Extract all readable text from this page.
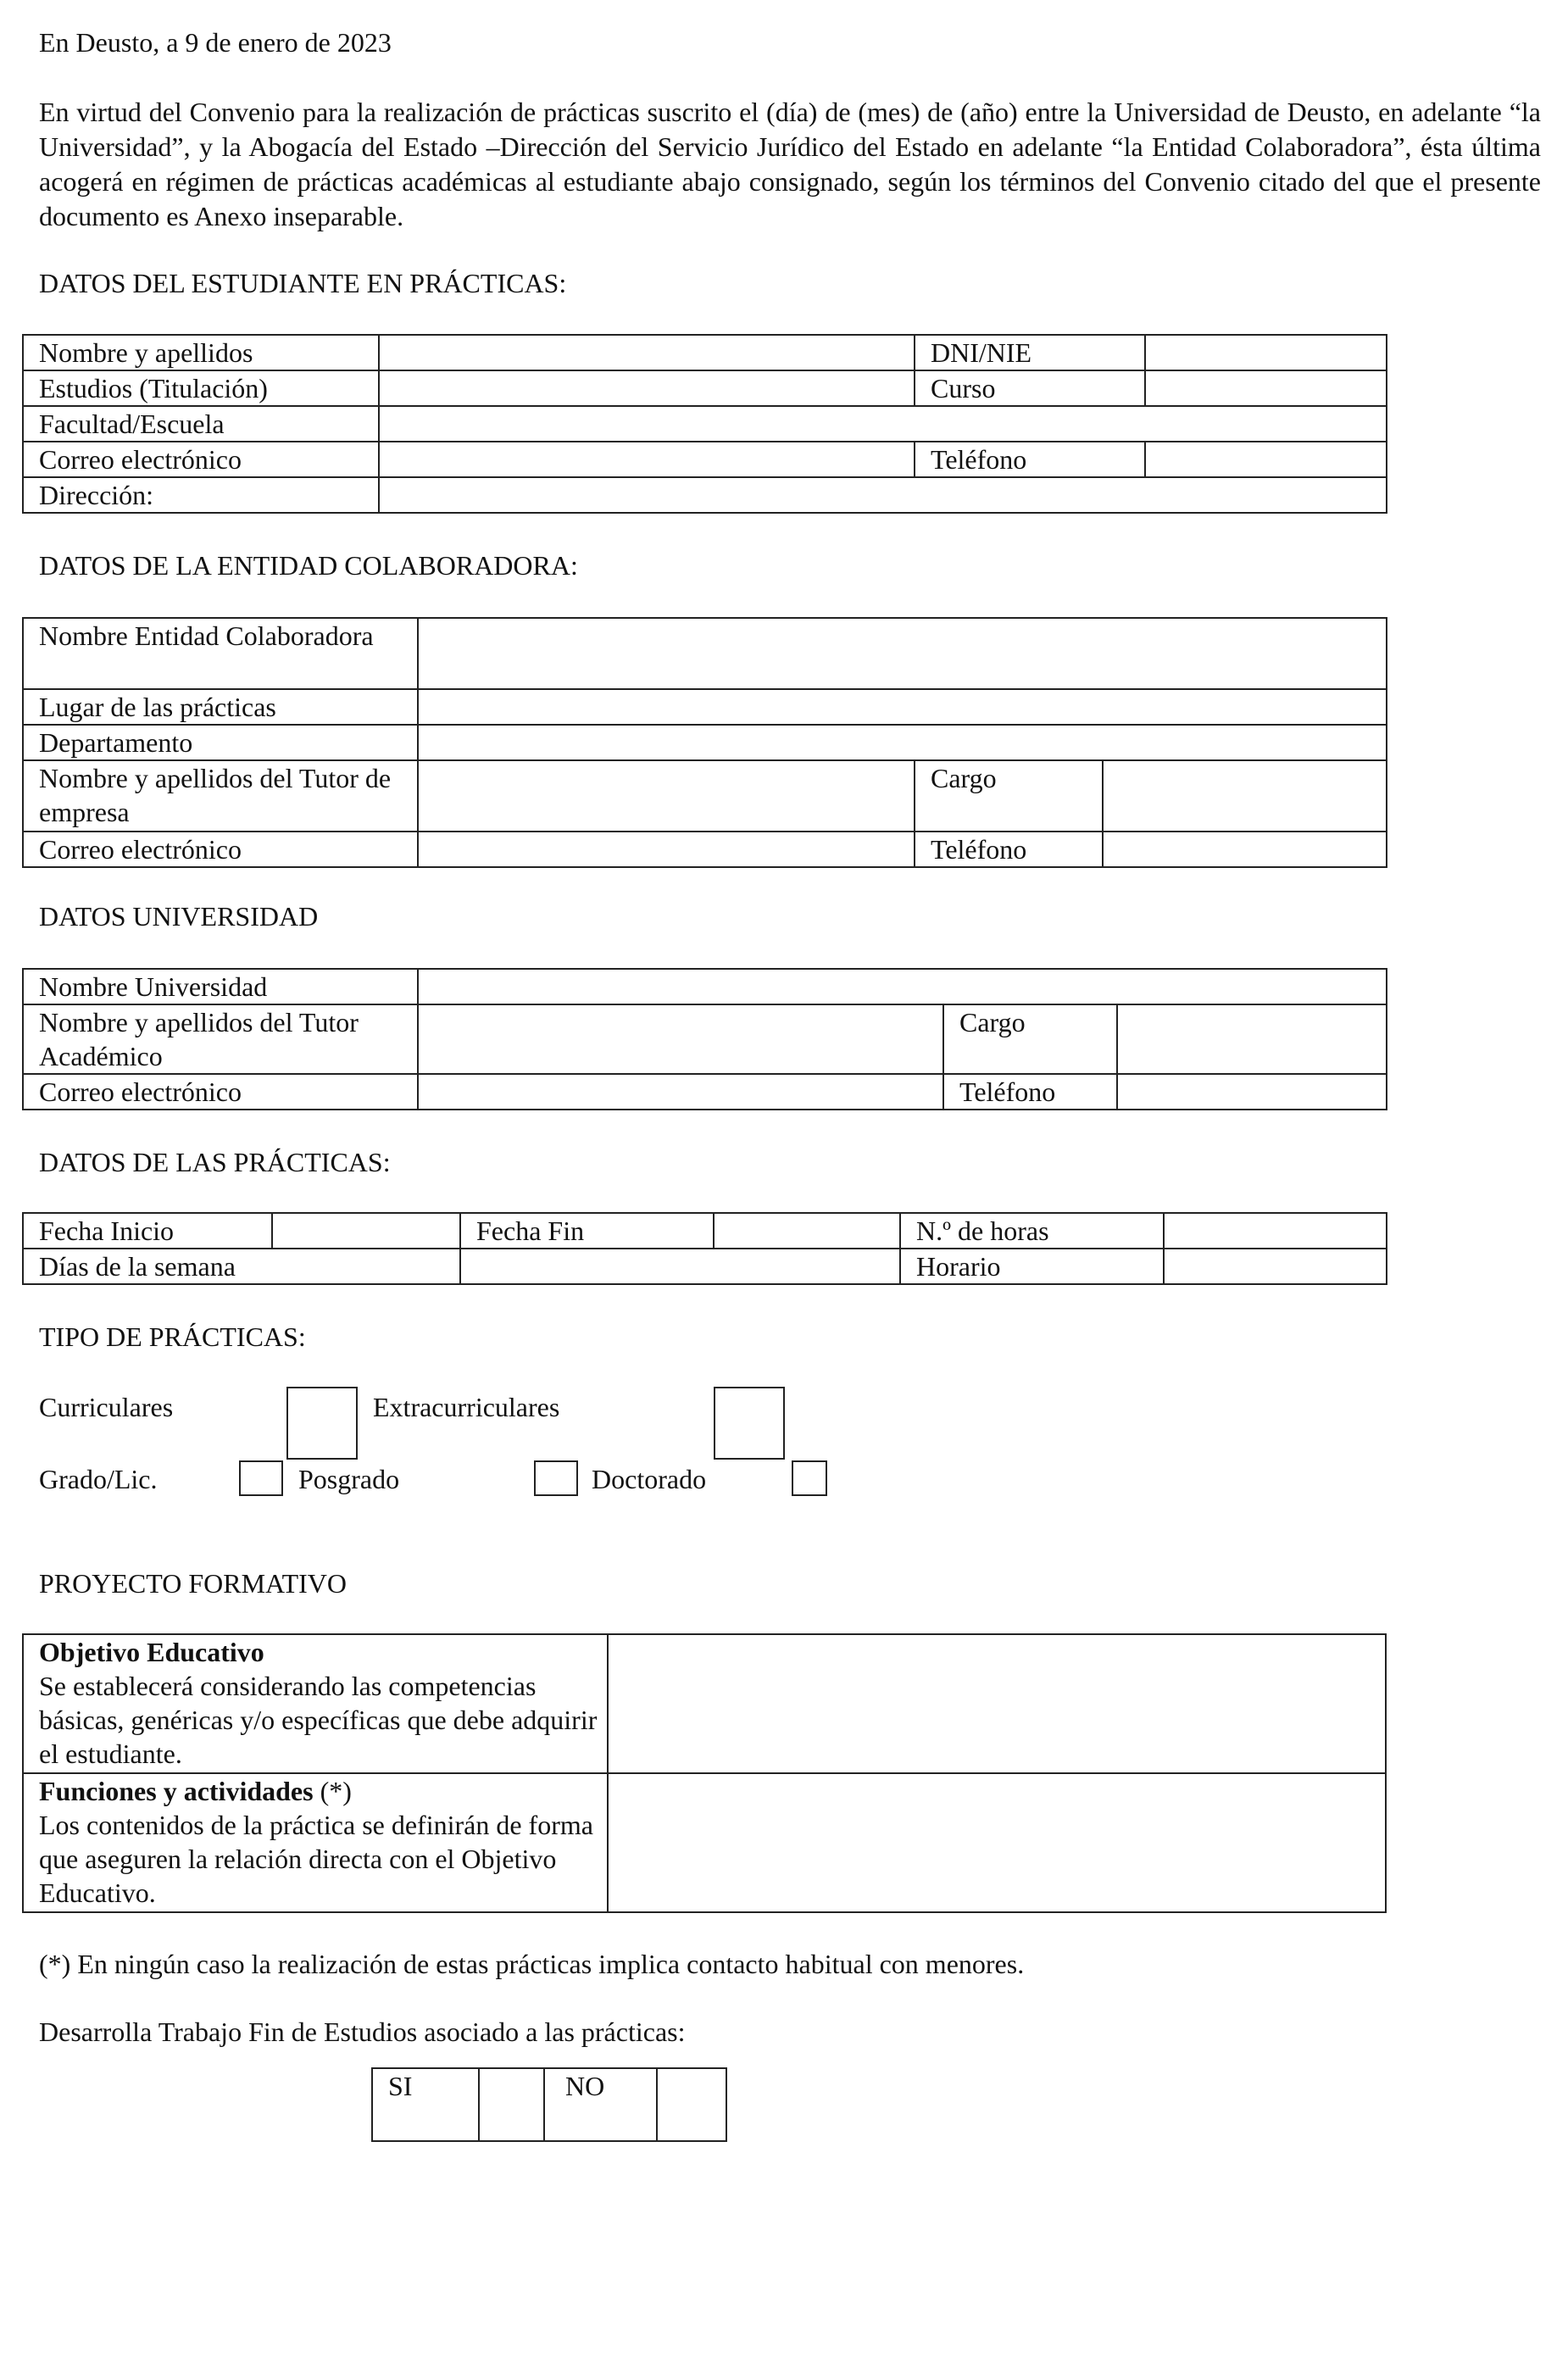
En Deusto, a 9 de enero de 2023
En virtud del Convenio para la realización de prácticas suscrito el (día) de (mes) de (año) entre la Universidad de Deusto, en adelante “la Universidad”, y la Abogacía del Estado –Dirección del Servicio Jurídico del Estado en adelante “la Entidad Colaboradora”, ésta última acogerá en régimen de prácticas académicas al estudiante abajo consignado, según los términos del Convenio citado del que el presente documento es Anexo inseparable.
DATOS DEL ESTUDIANTE EN PRÁCTICAS:
Nombre y apellidos		DNI/NIE	
Estudios (Titulación)		Curso	
Facultad/Escuela			
Correo electrónico		Teléfono	
Dirección:			
DATOS DE LA ENTIDAD COLABORADORA:
Nombre Entidad Colaboradora			
Lugar de las prácticas			
Departamento			
Nombre y apellidos del Tutor de empresa		Cargo	
Correo electrónico		Teléfono	
DATOS UNIVERSIDAD
Nombre Universidad			
Nombre y apellidos del Tutor Académico		Cargo	
Correo electrónico		Teléfono	
DATOS DE LAS PRÁCTICAS:
Fecha Inicio		Fecha Fin		N.º de horas	
Días de la semana				Horario	
TIPO DE PRÁCTICAS:
Curriculares	Extracurriculares
Grado/Lic.	Posgrado	Doctorado
PROYECTO FORMATIVO
Objetivo Educativo
Se establecerá considerando las competencias básicas, genéricas y/o específicas que debe adquirir el estudiante.	
Funciones y actividades (*)
Los contenidos de la práctica se definirán de forma que aseguren la relación directa con el Objetivo Educativo.	
(*) En ningún caso la realización de estas prácticas implica contacto habitual con menores.
Desarrolla Trabajo Fin de Estudios asociado a las prácticas:
SI		NO	
